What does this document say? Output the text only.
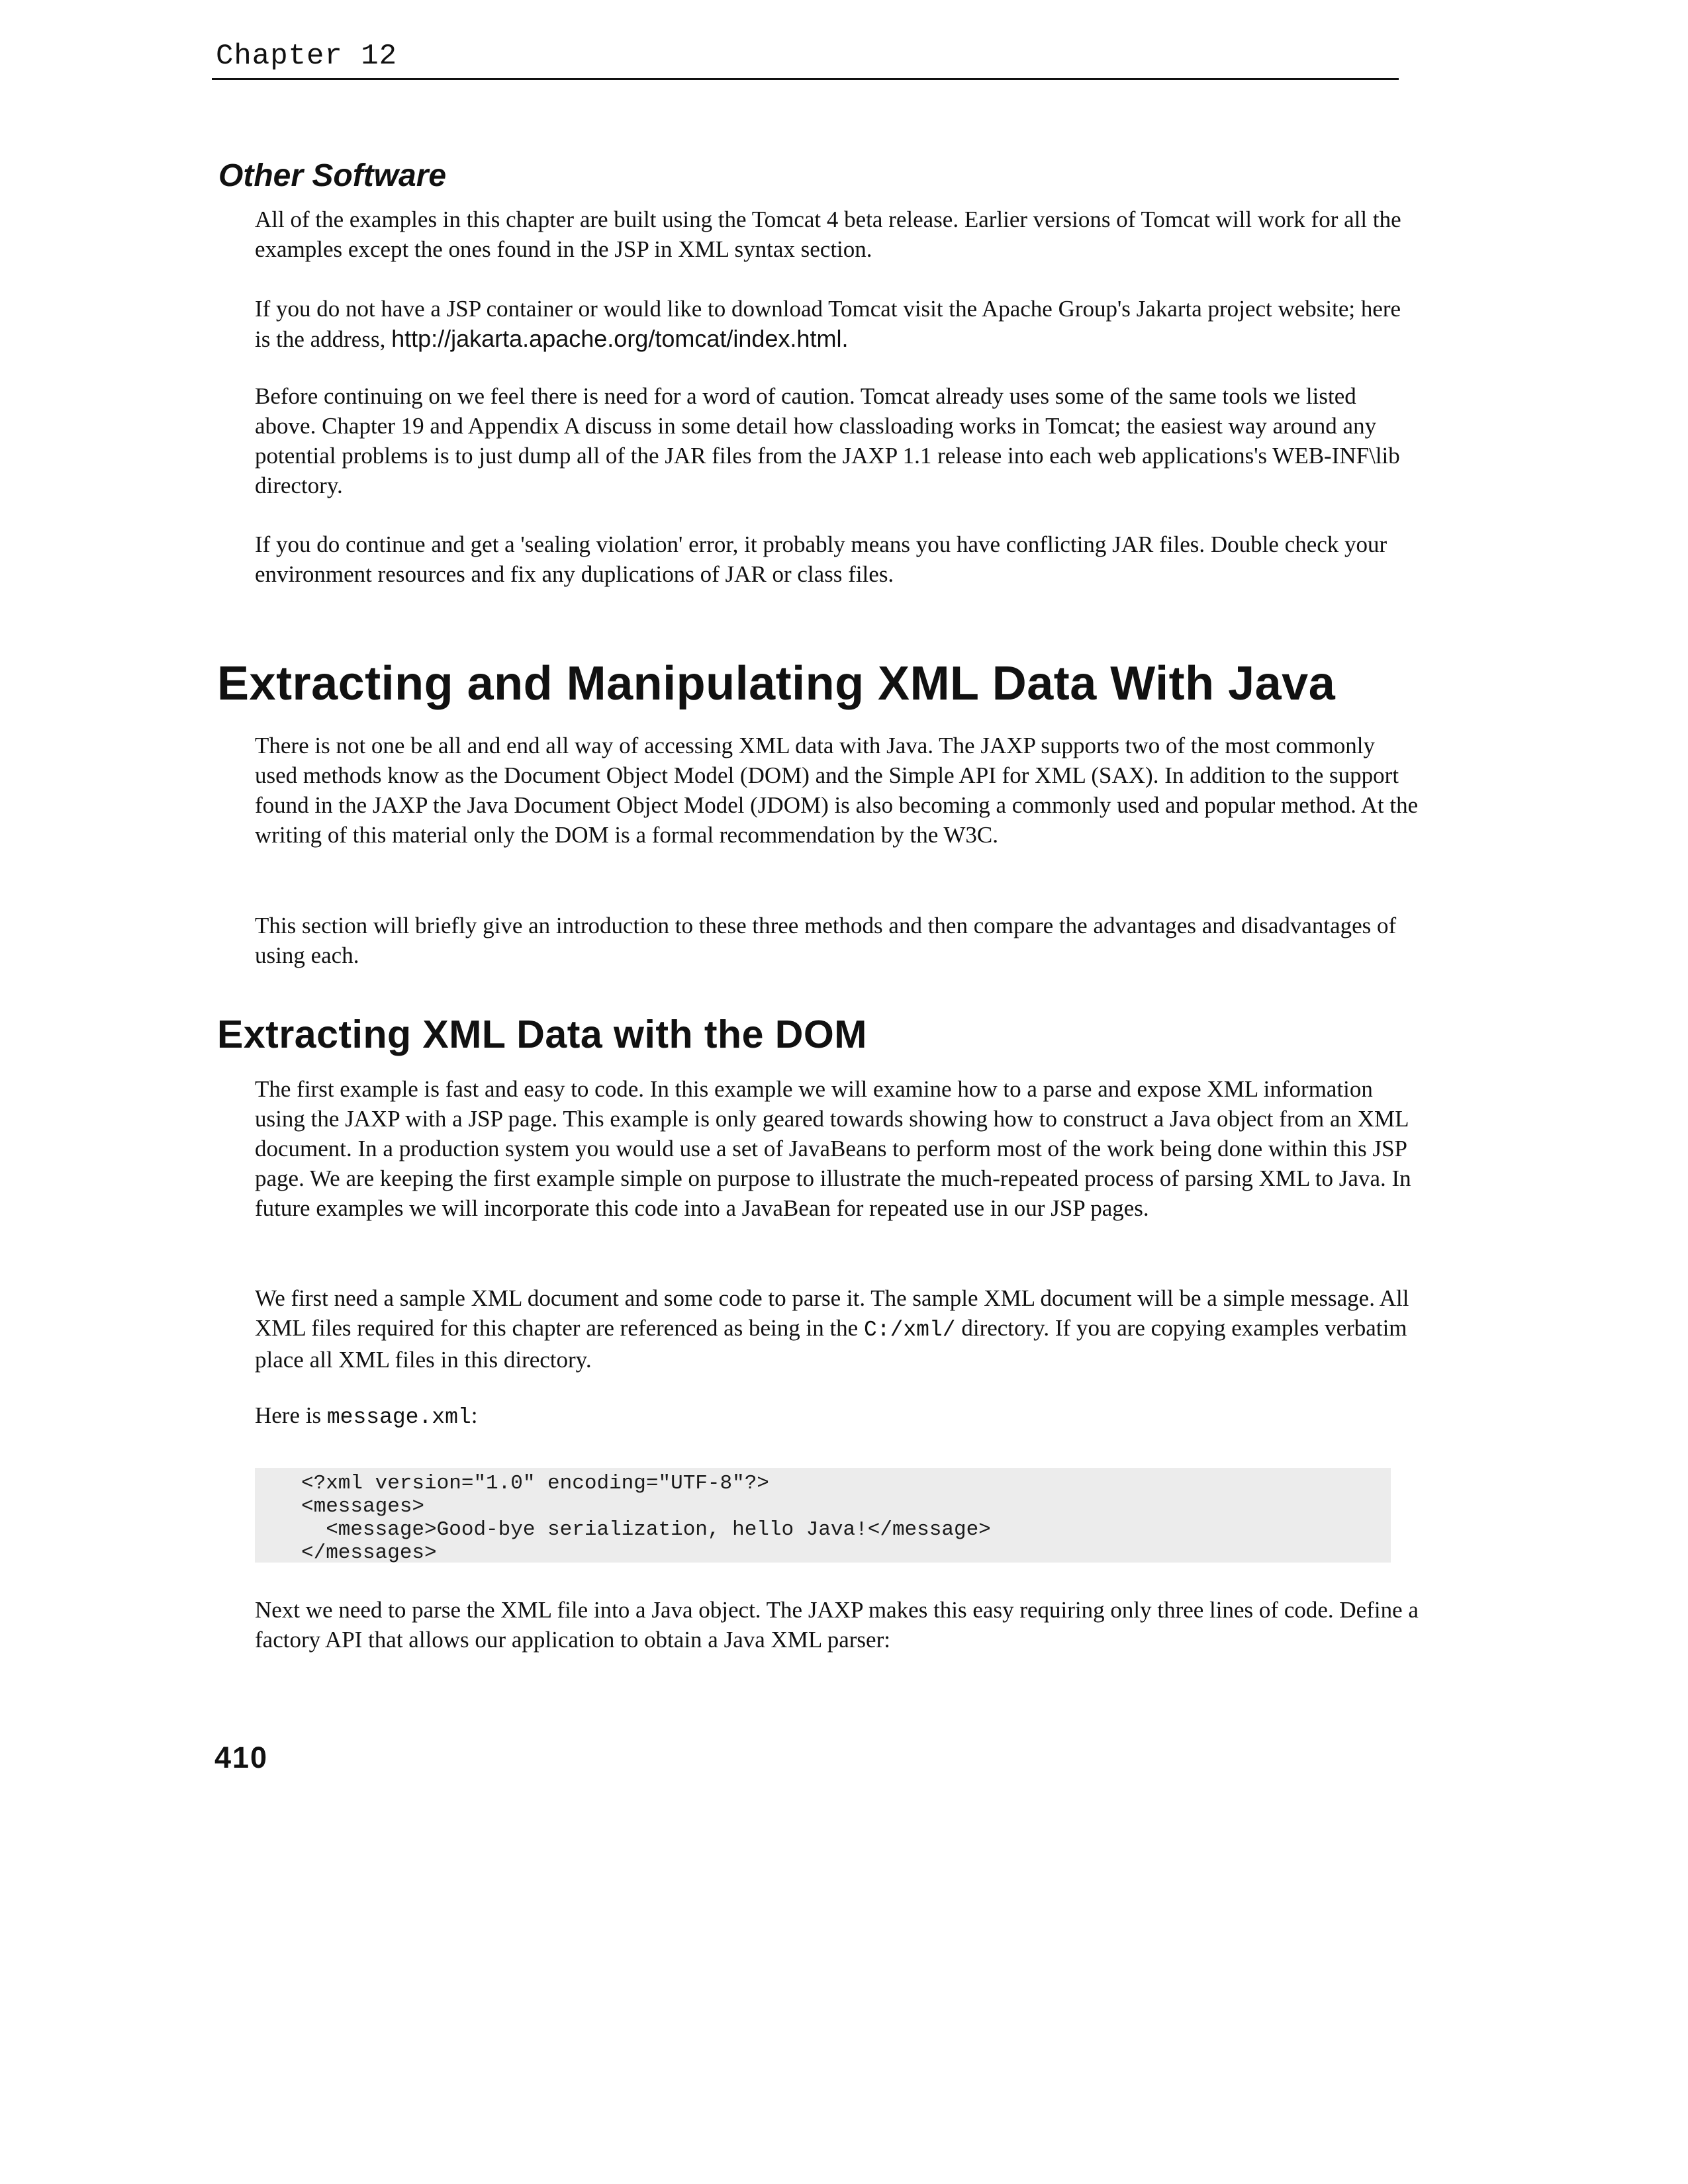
Chapter 12
Other Software

All of the examples in this chapter are built using the Tomcat 4 beta release. Earlier versions of Tomcat will work for all the examples except the ones found in the JSP in XML syntax section.

If you do not have a JSP container or would like to download Tomcat visit the Apache Group's Jakarta project website; here is the address, http://jakarta.apache.org/tomcat/index.html.

Before continuing on we feel there is need for a word of caution. Tomcat already uses some of the same tools we listed above. Chapter 19 and Appendix A discuss in some detail how classloading works in Tomcat; the easiest way around any potential problems is to just dump all of the JAR files from the JAXP 1.1 release into each web applications's WEB-INF\lib directory.

If you do continue and get a 'sealing violation' error, it probably means you have conflicting JAR files. Double check your environment resources and fix any duplications of JAR or class files.

Extracting and Manipulating XML Data With Java

There is not one be all and end all way of accessing XML data with Java. The JAXP supports two of the most commonly used methods know as the Document Object Model (DOM) and the Simple API for XML (SAX). In addition to the support found in the JAXP the Java Document Object Model (JDOM) is also becoming a commonly used and popular method. At the writing of this material only the DOM is a formal recommendation by the W3C.

This section will briefly give an introduction to these three methods and then compare the advantages and disadvantages of using each.

Extracting XML Data with the DOM

The first example is fast and easy to code. In this example we will examine how to a parse and expose XML information using the JAXP with a JSP page. This example is only geared towards showing how to construct a Java object from an XML document. In a production system you would use a set of JavaBeans to perform most of the work being done within this JSP page. We are keeping the first example simple on purpose to illustrate the much-repeated process of parsing XML to Java. In future examples we will incorporate this code into a JavaBean for repeated use in our JSP pages.

We first need a sample XML document and some code to parse it. The sample XML document will be a simple message. All XML files required for this chapter are referenced as being in the C:/xml/ directory. If you are copying examples verbatim place all XML files in this directory.

Here is message.xml:

<?xml version="1.0" encoding="UTF-8"?>
<messages>
<message>Good-bye serialization, hello Java!</message>
</messages>

Next we need to parse the XML file into a Java object. The JAXP makes this easy requiring only three lines of code. Define a factory API that allows our application to obtain a Java XML parser:

410
